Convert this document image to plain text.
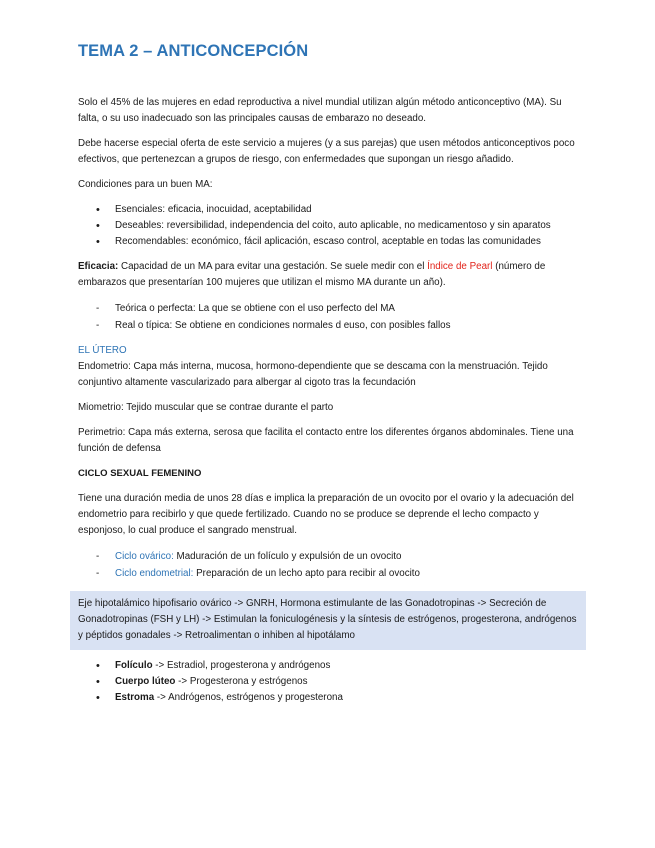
TEMA 2 – ANTICONCEPCIÓN

Solo el 45% de las mujeres en edad reproductiva a nivel mundial utilizan algún método anticonceptivo (MA). Su falta, o su uso inadecuado son las principales causas de embarazo no deseado.

Debe hacerse especial oferta de este servicio a mujeres (y a sus parejas) que usen métodos anticonceptivos poco efectivos, que pertenezcan a grupos de riesgo, con enfermedades que supongan un riesgo añadido.

Condiciones para un buen MA:

• Esenciales: eficacia, inocuidad, aceptabilidad
• Deseables: reversibilidad, independencia del coito, auto aplicable, no medicamentoso y sin aparatos
• Recomendables: económico, fácil aplicación, escaso control, aceptable en todas las comunidades

Eficacia: Capacidad de un MA para evitar una gestación. Se suele medir con el Índice de Pearl (número de embarazos que presentarían 100 mujeres que utilizan el mismo MA durante un año).

- Teórica o perfecta: La que se obtiene con el uso perfecto del MA
- Real o típica: Se obtiene en condiciones normales d euso, con posibles fallos

EL ÚTERO

Endometrio: Capa más interna, mucosa, hormono-dependiente que se descama con la menstruación. Tejido conjuntivo altamente vascularizado para albergar al cigoto tras la fecundación

Miometrio: Tejido muscular que se contrae durante el parto

Perimetrio: Capa más externa, serosa que facilita el contacto entre los diferentes órganos abdominales. Tiene una función de defensa

CICLO SEXUAL FEMENINO

Tiene una duración media de unos 28 días e implica la preparación de un ovocito por el ovario y la adecuación del endometrio para recibirlo y que quede fertilizado. Cuando no se produce se deprende el lecho compacto y esponjoso, lo cual produce el sangrado menstrual.

- Ciclo ovárico: Maduración de un folículo y expulsión de un ovocito
- Ciclo endometrial: Preparación de un lecho apto para recibir al ovocito

Eje hipotalámico hipofisario ovárico -> GNRH, Hormona estimulante de las Gonadotropinas -> Secreción de Gonadotropinas (FSH y LH) -> Estimulan la foniculogénesis y la síntesis de estrógenos, progesterona, andrógenos y péptidos gonadales -> Retroalimentan o inhiben al hipotálamo

• Folículo -> Estradiol, progesterona y andrógenos
• Cuerpo lúteo -> Progesterona y estrógenos
• Estroma -> Andrógenos, estrógenos y progesterona
